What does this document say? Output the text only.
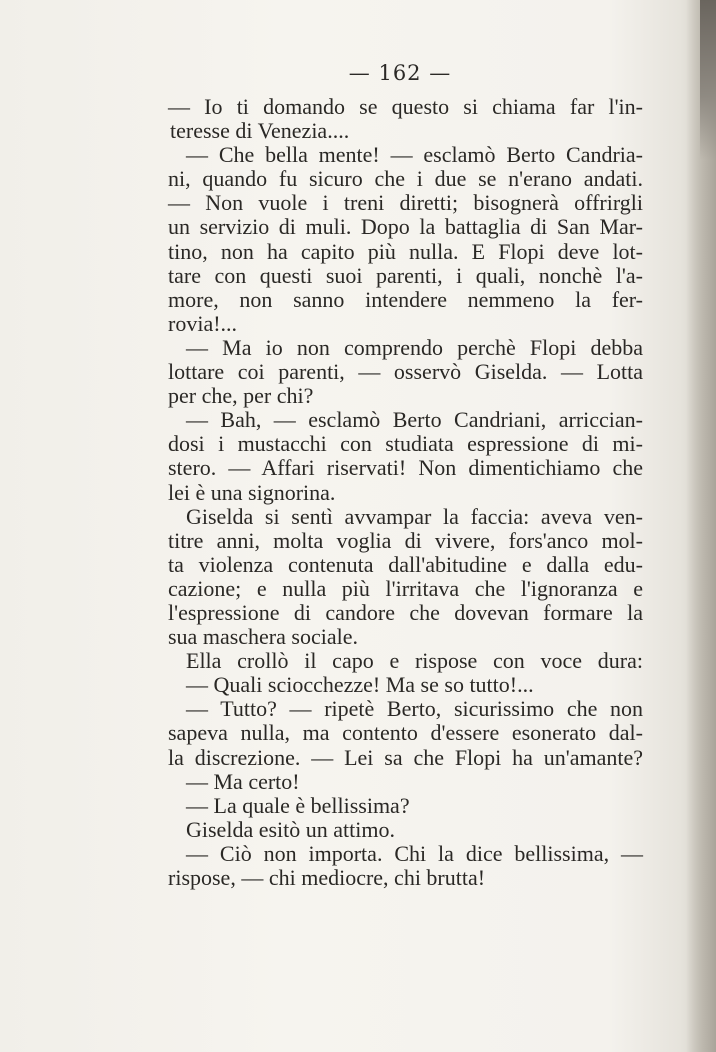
— 162 —
— Io ti domando se questo si chiama far l'in-
teresse di Venezia....
— Che bella mente! — esclamò Berto Candria-
ni, quando fu sicuro che i due se n'erano andati.
— Non vuole i treni diretti; bisognerà offrirgli
un servizio di muli. Dopo la battaglia di San Mar-
tino, non ha capito più nulla. E Flopi deve lot-
tare con questi suoi parenti, i quali, nonchè l'a-
more, non sanno intendere nemmeno la fer-
rovia!...
— Ma io non comprendo perchè Flopi debba
lottare coi parenti, — osservò Giselda. — Lotta
per che, per chi?
— Bah, — esclamò Berto Candriani, arriccian-
dosi i mustacchi con studiata espressione di mi-
stero. — Affari riservati! Non dimentichiamo che
lei è una signorina.
Giselda si sentì avvampar la faccia: aveva ven-
titre anni, molta voglia di vivere, fors'anco mol-
ta violenza contenuta dall'abitudine e dalla edu-
cazione; e nulla più l'irritava che l'ignoranza e
l'espressione di candore che dovevan formare la
sua maschera sociale.
Ella crollò il capo e rispose con voce dura:
— Quali sciocchezze! Ma se so tutto!...
— Tutto? — ripetè Berto, sicurissimo che non
sapeva nulla, ma contento d'essere esonerato dal-
la discrezione. — Lei sa che Flopi ha un'amante?
— Ma certo!
— La quale è bellissima?
Giselda esitò un attimo.
— Ciò non importa. Chi la dice bellissima, —
rispose, — chi mediocre, chi brutta!
